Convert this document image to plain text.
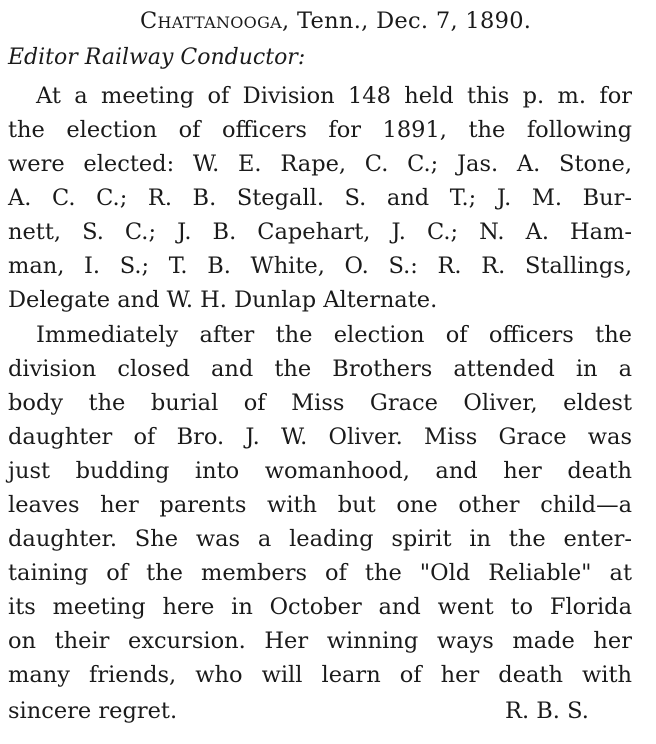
Chattanooga, Tenn., Dec. 7, 1890.
Editor Railway Conductor:
At a meeting of Division 148 held this p. m. for
the election of officers for 1891, the following
were elected: W. E. Rape, C. C.; Jas. A. Stone,
A. C. C.; R. B. Stegall. S. and T.; J. M. Bur-
nett, S. C.; J. B. Capehart, J. C.; N. A. Ham-
man, I. S.; T. B. White, O. S.: R. R. Stallings,
Delegate and W. H. Dunlap Alternate.
Immediately after the election of officers the
division closed and the Brothers attended in a
body the burial of Miss Grace Oliver, eldest
daughter of Bro. J. W. Oliver. Miss Grace was
just budding into womanhood, and her death
leaves her parents with but one other child—a
daughter. She was a leading spirit in the enter-
taining of the members of the "Old Reliable" at
its meeting here in October and went to Florida
on their excursion. Her winning ways made her
many friends, who will learn of her death with
sincere regret.	R. B. S.
